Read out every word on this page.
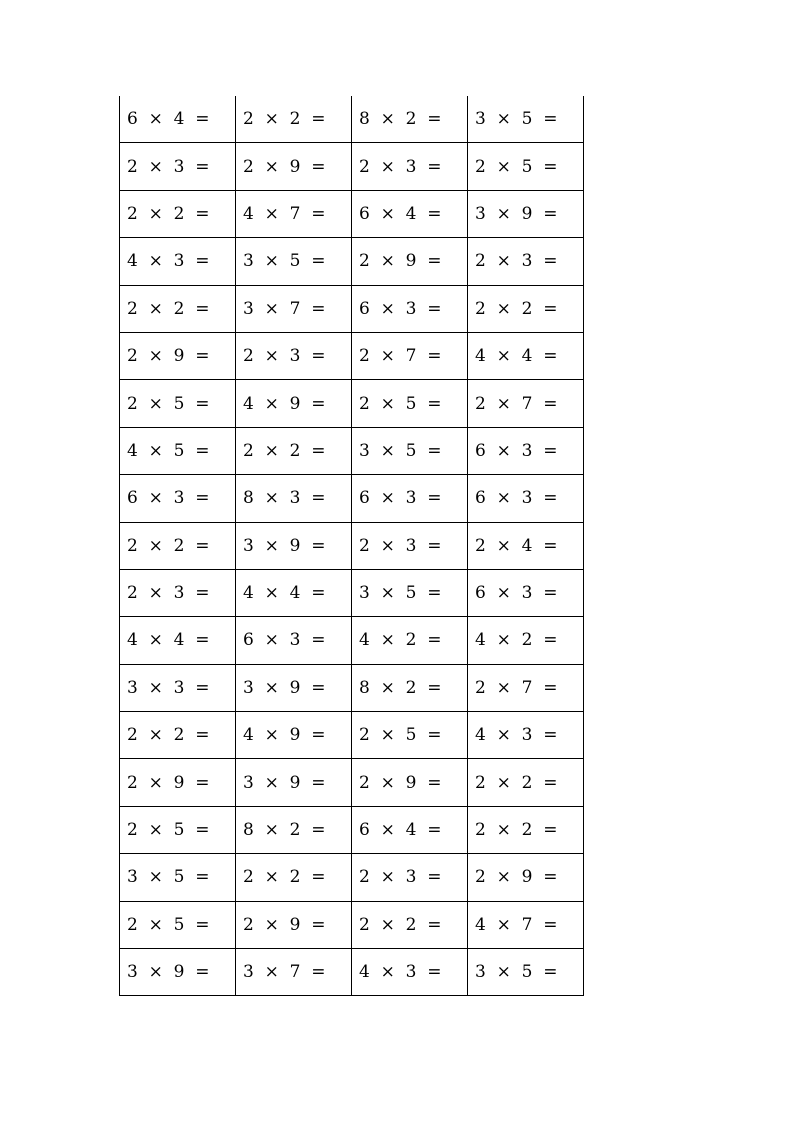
6  ×  4  =	2  ×  2  =	8  ×  2  =	3  ×  5  =
2  ×  3  =	2  ×  9  =	2  ×  3  =	2  ×  5  =
2  ×  2  =	4  ×  7  =	6  ×  4  =	3  ×  9  =
4  ×  3  =	3  ×  5  =	2  ×  9  =	2  ×  3  =
2  ×  2  =	3  ×  7  =	6  ×  3  =	2  ×  2  =
2  ×  9  =	2  ×  3  =	2  ×  7  =	4  ×  4  =
2  ×  5  =	4  ×  9  =	2  ×  5  =	2  ×  7  =
4  ×  5  =	2  ×  2  =	3  ×  5  =	6  ×  3  =
6  ×  3  =	8  ×  3  =	6  ×  3  =	6  ×  3  =
2  ×  2  =	3  ×  9  =	2  ×  3  =	2  ×  4  =
2  ×  3  =	4  ×  4  =	3  ×  5  =	6  ×  3  =
4  ×  4  =	6  ×  3  =	4  ×  2  =	4  ×  2  =
3  ×  3  =	3  ×  9  =	8  ×  2  =	2  ×  7  =
2  ×  2  =	4  ×  9  =	2  ×  5  =	4  ×  3  =
2  ×  9  =	3  ×  9  =	2  ×  9  =	2  ×  2  =
2  ×  5  =	8  ×  2  =	6  ×  4  =	2  ×  2  =
3  ×  5  =	2  ×  2  =	2  ×  3  =	2  ×  9  =
2  ×  5  =	2  ×  9  =	2  ×  2  =	4  ×  7  =
3  ×  9  =	3  ×  7  =	4  ×  3  =	3  ×  5  =
